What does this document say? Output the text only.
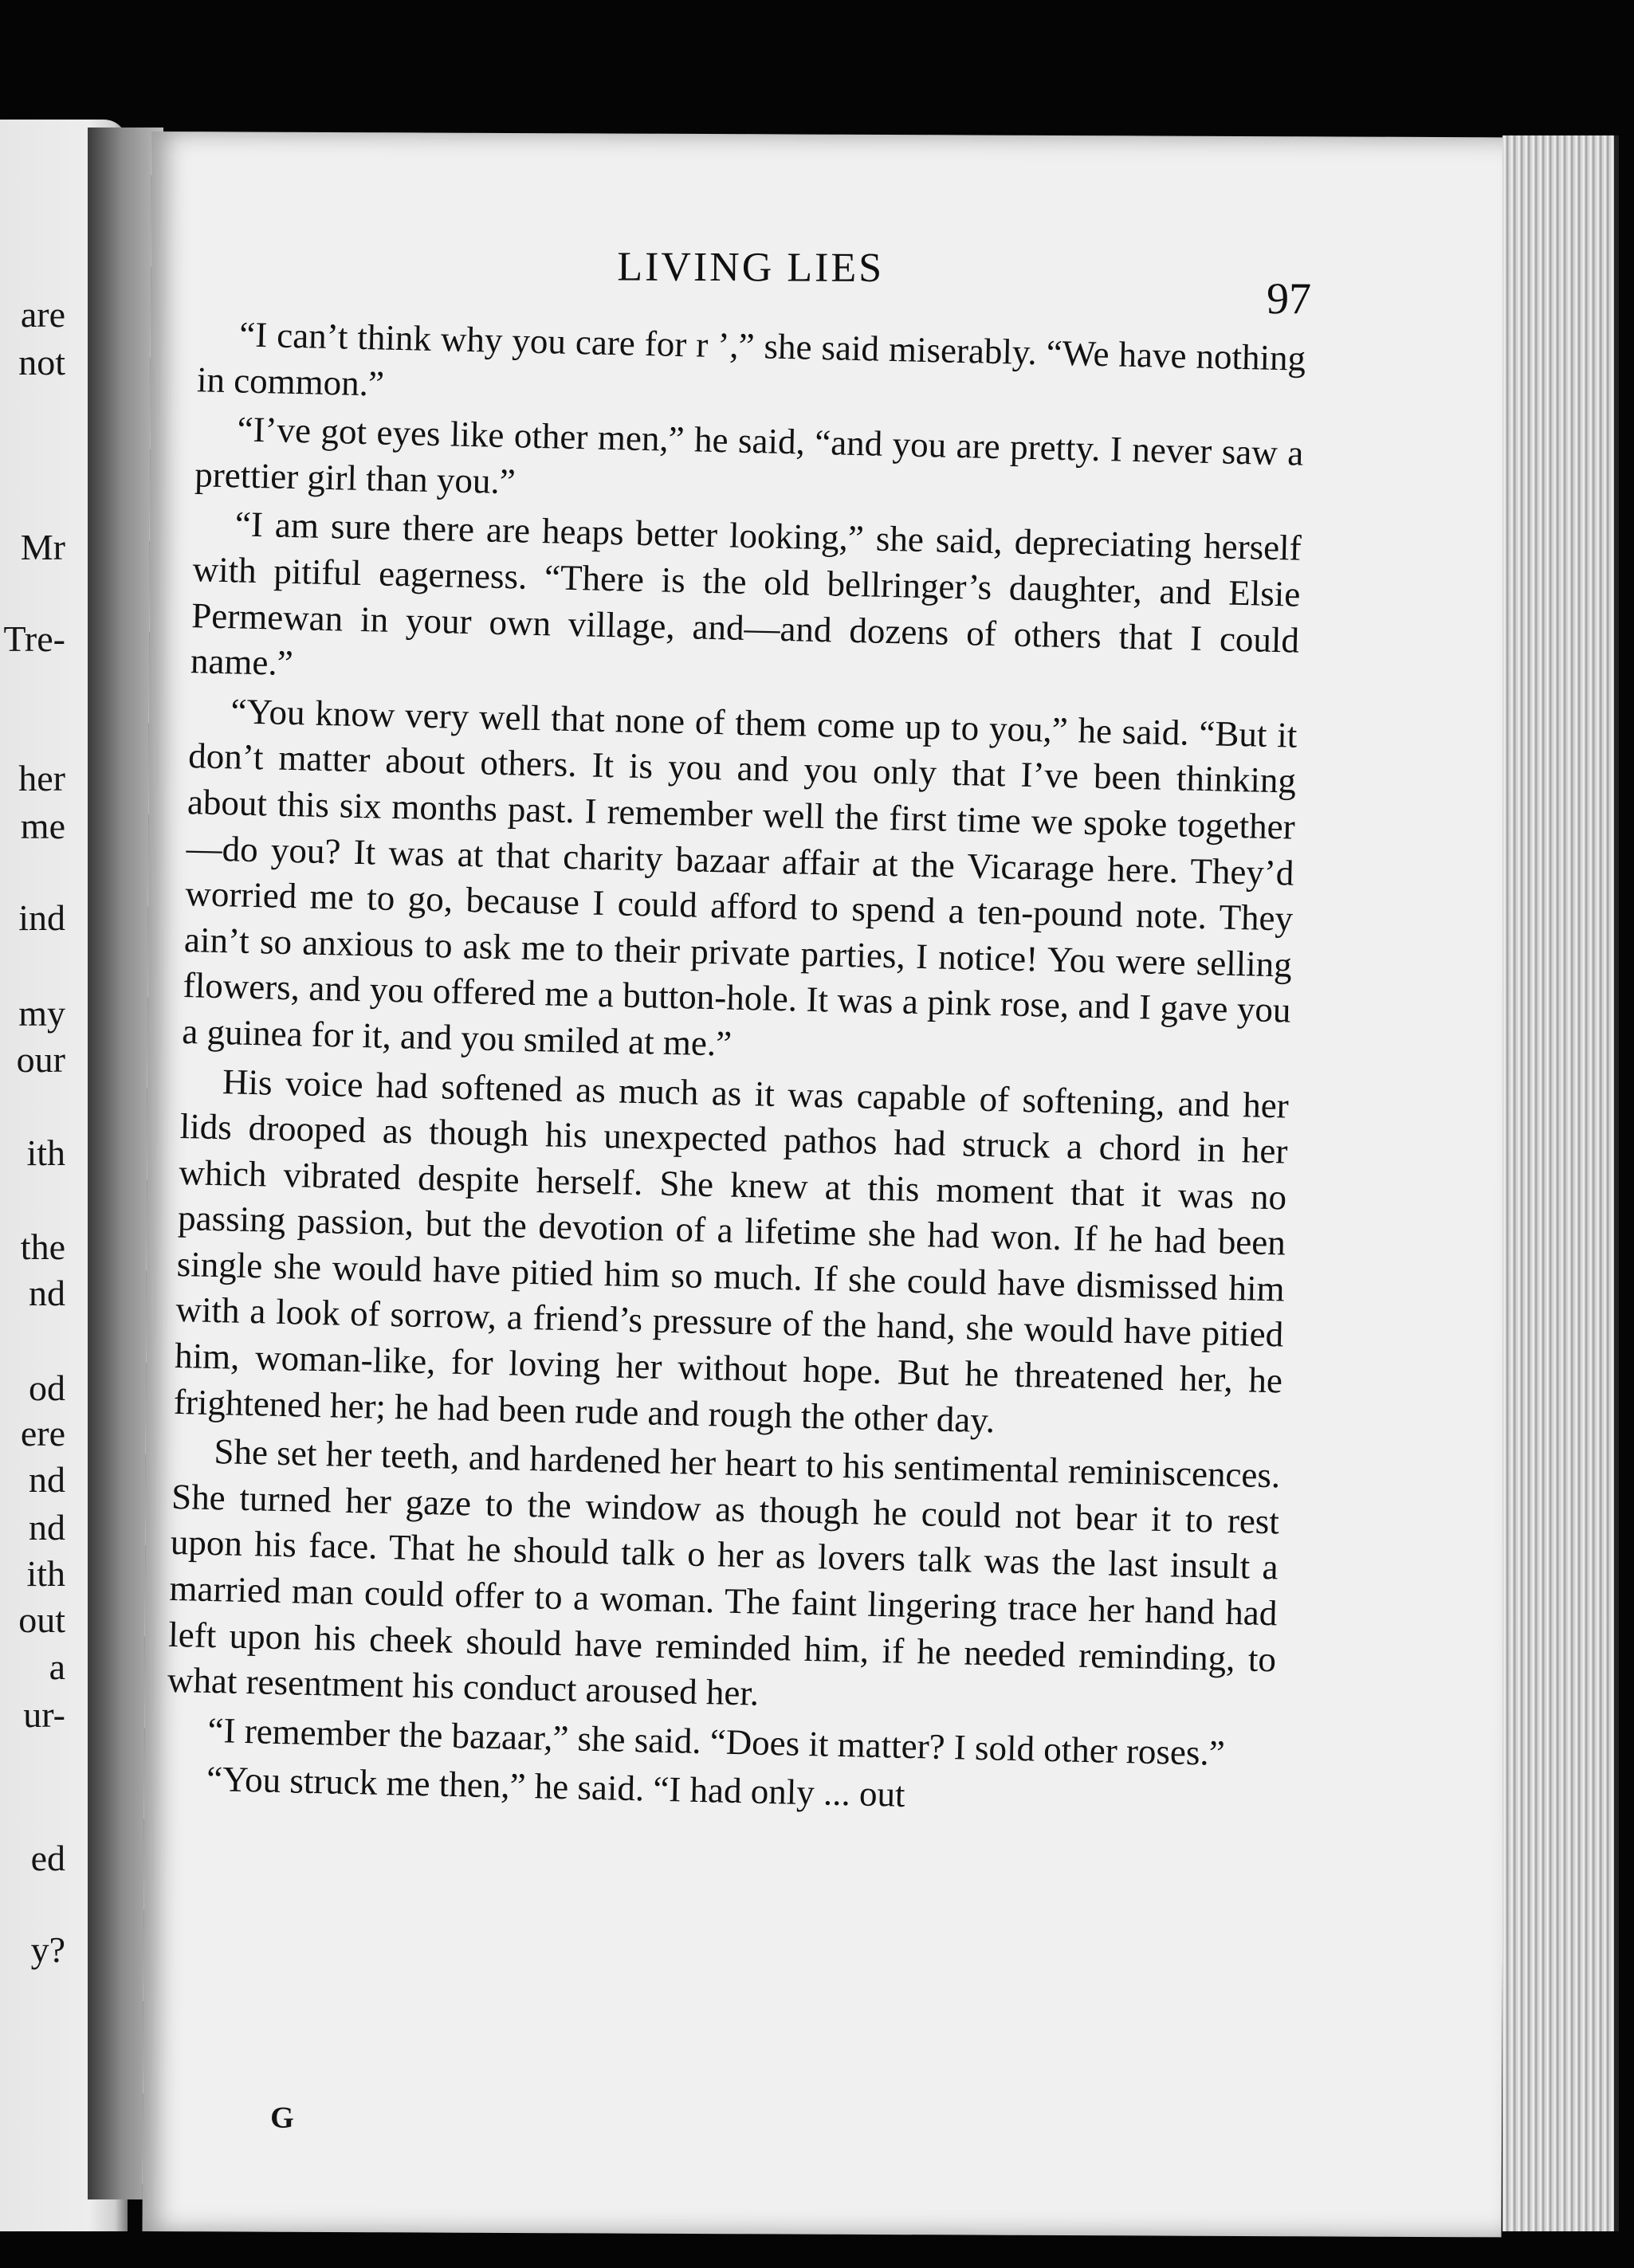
are
not
Mr
Tre-
her
me
ind
my
our
ith
the
nd
od
ere
nd
nd
ith
out
a
ur-
ed
y?
LIVING LIES
97

“I can’t think why you care for r ’,” she said miserably. “We have nothing in common.”

“I’ve got eyes like other men,” he said, “and you are pretty. I never saw a prettier girl than you.”

“I am sure there are heaps better looking,” she said, depreciating herself with pitiful eagerness. “There is the old bellringer’s daughter, and Elsie Permewan in your own village, and—and dozens of others that I could name.”

“You know very well that none of them come up to you,” he said. “But it don’t matter about others. It is you and you only that I’ve been thinking about this six months past. I remember well the first time we spoke together—do you? It was at that charity bazaar affair at the Vicarage here. They’d worried me to go, because I could afford to spend a ten-pound note. They ain’t so anxious to ask me to their private parties, I notice! You were selling flowers, and you offered me a button-hole. It was a pink rose, and I gave you a guinea for it, and you smiled at me.”

His voice had softened as much as it was capable of softening, and her lids drooped as though his unexpected pathos had struck a chord in her which vibrated despite herself. She knew at this moment that it was no passing passion, but the devotion of a lifetime she had won. If he had been single she would have pitied him so much. If she could have dismissed him with a look of sorrow, a friend’s pressure of the hand, she would have pitied him, woman-like, for loving her without hope. But he threatened her, he frightened her; he had been rude and rough the other day.

She set her teeth, and hardened her heart to his sentimental reminiscences. She turned her gaze to the window as though he could not bear it to rest upon his face. That he should talk o her as lovers talk was the last insult a married man could offer to a woman. The faint lingering trace her hand had left upon his cheek should have reminded him, if he needed reminding, to what resentment his conduct aroused her.

“I remember the bazaar,” she said. “Does it matter? I sold other roses.”

“You struck me then,” he said. “I had only ... out

G
